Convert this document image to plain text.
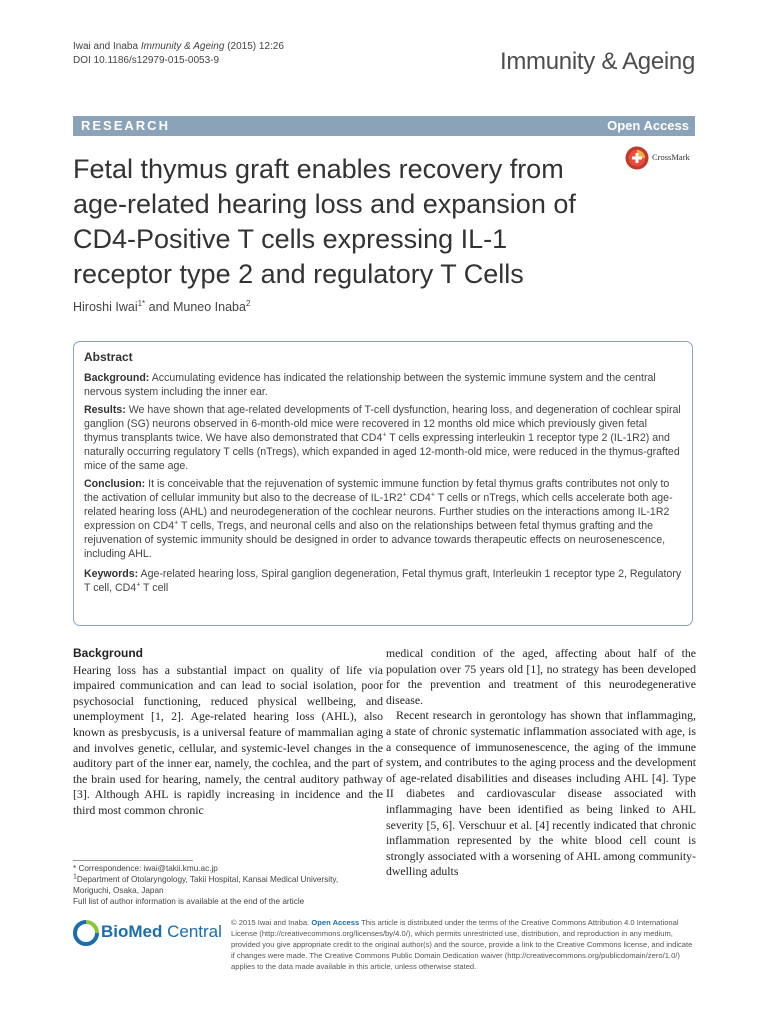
Iwai and Inaba Immunity & Ageing (2015) 12:26
DOI 10.1186/s12979-015-0053-9	Immunity & Ageing
RESEARCH	Open Access
Fetal thymus graft enables recovery from age-related hearing loss and expansion of CD4-Positive T cells expressing IL-1 receptor type 2 and regulatory T Cells
CrossMark
Hiroshi Iwai$^{1*}$ and Muneo Inaba$^2$
Abstract

Background: Accumulating evidence has indicated the relationship between the systemic immune system and the central nervous system including the inner ear.

Results: We have shown that age-related developments of T-cell dysfunction, hearing loss, and degeneration of cochlear spiral ganglion (SG) neurons observed in 6-month-old mice were recovered in 12 months old mice which previously given fetal thymus transplants twice. We have also demonstrated that CD4+ T cells expressing interleukin 1 receptor type 2 (IL-1R2) and naturally occurring regulatory T cells (nTregs), which expanded in aged 12-month-old mice, were reduced in the thymus-grafted mice of the same age.

Conclusion: It is conceivable that the rejuvenation of systemic immune function by fetal thymus grafts contributes not only to the activation of cellular immunity but also to the decrease of IL-1R2+ CD4+ T cells or nTregs, which cells accelerate both age-related hearing loss (AHL) and neurodegeneration of the cochlear neurons. Further studies on the interactions among IL-1R2 expression on CD4+ T cells, Tregs, and neuronal cells and also on the relationships between fetal thymus grafting and the rejuvenation of systemic immunity should be designed in order to advance towards therapeutic effects on neurosenescence, including AHL.

Keywords: Age-related hearing loss, Spiral ganglion degeneration, Fetal thymus graft, Interleukin 1 receptor type 2, Regulatory T cell, CD4+ T cell

Background

Hearing loss has a substantial impact on quality of life via impaired communication and can lead to social isolation, poor psychosocial functioning, reduced physical wellbeing, and unemployment [1, 2]. Age-related hearing loss (AHL), also known as presbycusis, is a universal feature of mammalian aging and involves genetic, cellular, and systemic-level changes in the auditory part of the inner ear, namely, the cochlea, and the part of the brain used for hearing, namely, the central auditory pathway [3]. Although AHL is rapidly increasing in incidence and the third most common chronic

medical condition of the aged, affecting about half of the population over 75 years old [1], no strategy has been developed for the prevention and treatment of this neurodegenerative disease.

Recent research in gerontology has shown that inflammaging, a state of chronic systematic inflammation associated with age, is a consequence of immunosenescence, the aging of the immune system, and contributes to the aging process and the development of age-related disabilities and diseases including AHL [4]. Type II diabetes and cardiovascular disease associated with inflammaging have been identified as being linked to AHL severity [5, 6]. Verschuur et al. [4] recently indicated that chronic inflammation represented by the white blood cell count is strongly associated with a worsening of AHL among community-dwelling adults

* Correspondence: iwai@takii.kmu.ac.jp
$^1$Department of Otolaryngology, Takii Hospital, Kansai Medical University, Moriguchi, Osaka, Japan
Full list of author information is available at the end of the article
BioMed Central © 2015 Iwai and Inaba. Open Access This article is distributed under the terms of the Creative Commons Attribution 4.0 International License (http://creativecommons.org/licenses/by/4.0/), which permits unrestricted use, distribution, and reproduction in any medium, provided you give appropriate credit to the original author(s) and the source, provide a link to the Creative Commons license, and indicate if changes were made. The Creative Commons Public Domain Dedication waiver (http://creativecommons.org/publicdomain/zero/1.0/) applies to the data made available in this article, unless otherwise stated.
